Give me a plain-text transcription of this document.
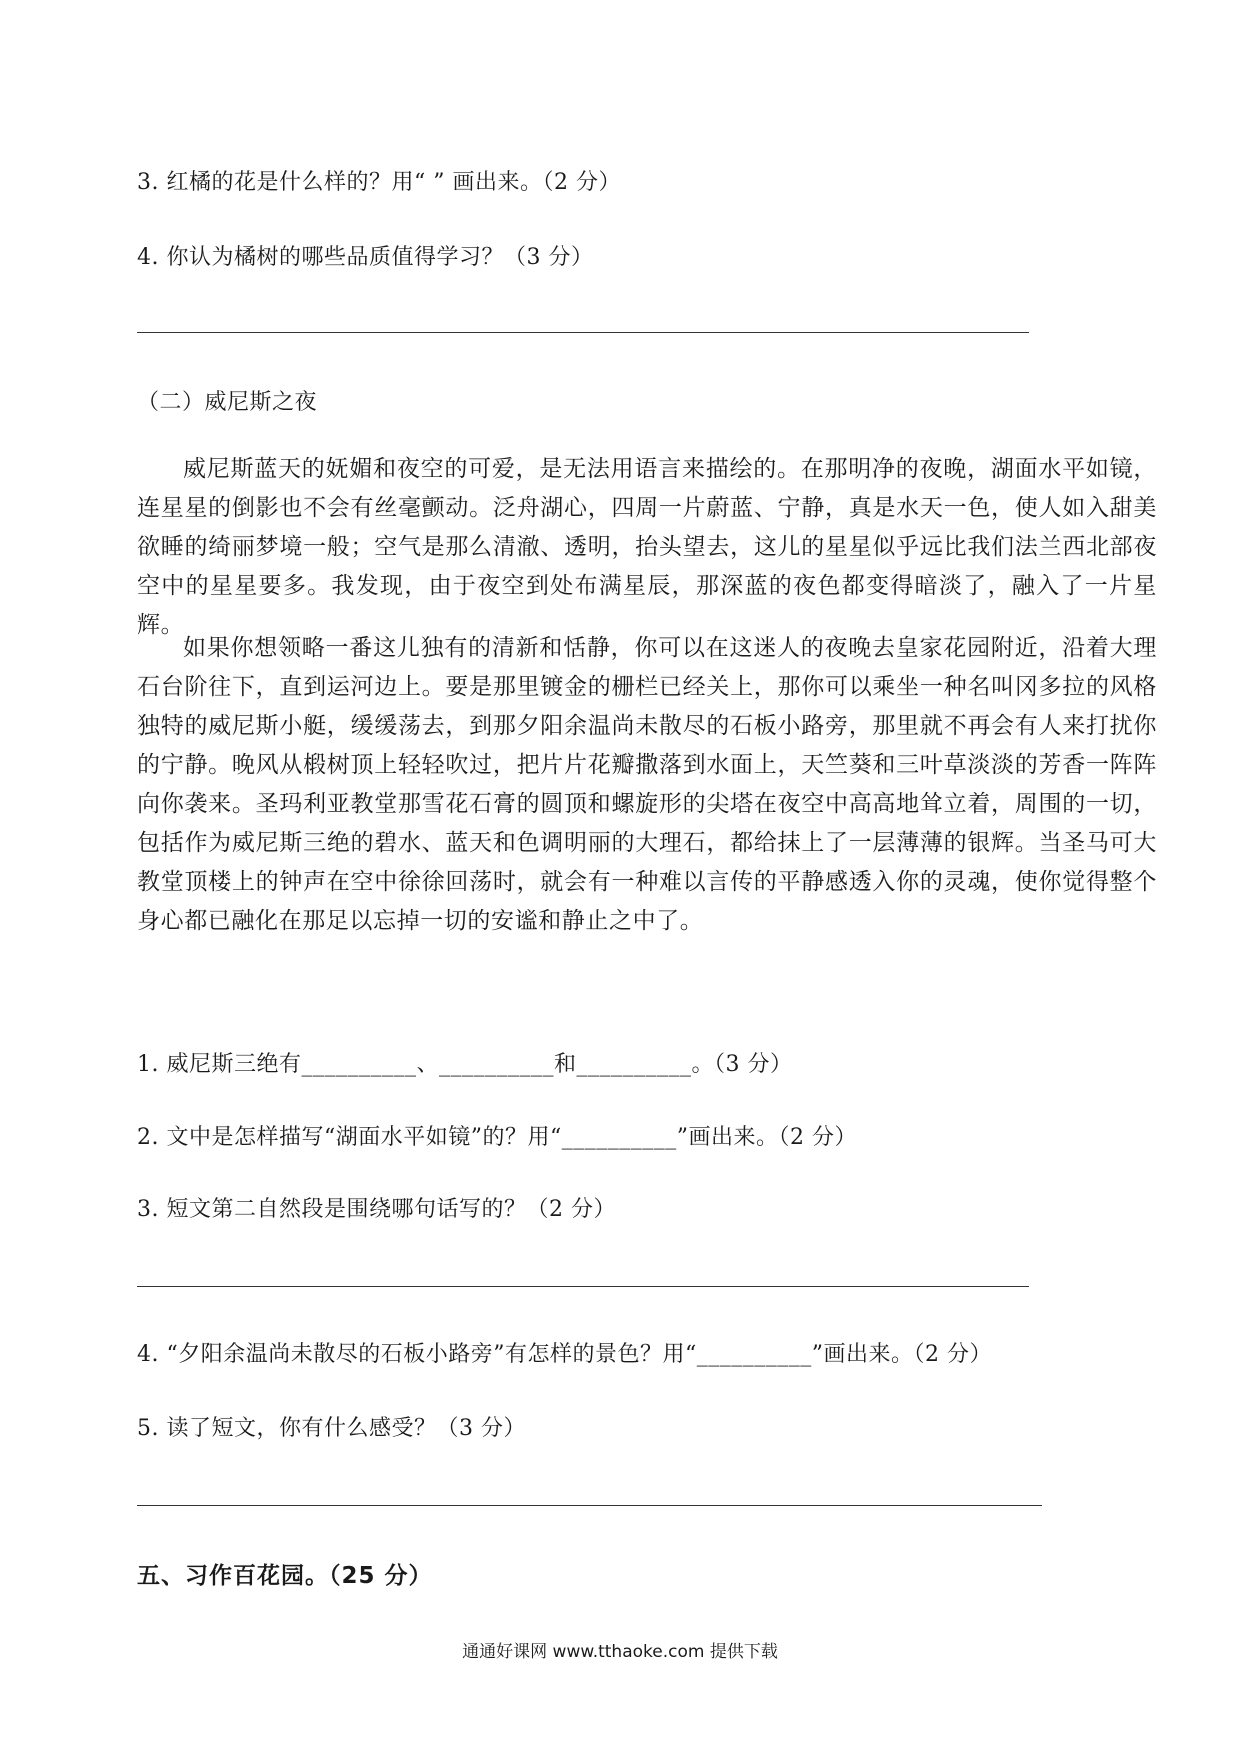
3. 红橘的花是什么样的？用“ ” 画出来。（2 分）
4. 你认为橘树的哪些品质值得学习？（3 分）
（二）威尼斯之夜
威尼斯蓝天的妩媚和夜空的可爱，是无法用语言来描绘的。在那明净的夜晚，湖面水平如镜，连星星的倒影也不会有丝毫颤动。泛舟湖心，四周一片蔚蓝、宁静，真是水天一色，使人如入甜美欲睡的绮丽梦境一般；空气是那么清澈、透明，抬头望去，这儿的星星似乎远比我们法兰西北部夜空中的星星要多。我发现，由于夜空到处布满星辰，那深蓝的夜色都变得暗淡了，融入了一片星辉。
如果你想领略一番这儿独有的清新和恬静，你可以在这迷人的夜晚去皇家花园附近，沿着大理石台阶往下，直到运河边上。要是那里镀金的栅栏已经关上，那你可以乘坐一种名叫冈多拉的风格独特的威尼斯小艇，缓缓荡去，到那夕阳余温尚未散尽的石板小路旁，那里就不再会有人来打扰你的宁静。晚风从椴树顶上轻轻吹过，把片片花瓣撒落到水面上，天竺葵和三叶草淡淡的芳香一阵阵向你袭来。圣玛利亚教堂那雪花石膏的圆顶和螺旋形的尖塔在夜空中高高地耸立着，周围的一切，包括作为威尼斯三绝的碧水、蓝天和色调明丽的大理石，都给抹上了一层薄薄的银辉。当圣马可大教堂顶楼上的钟声在空中徐徐回荡时，就会有一种难以言传的平静感透入你的灵魂，使你觉得整个身心都已融化在那足以忘掉一切的安谧和静止之中了。
1. 威尼斯三绝有__________、__________和__________。（3 分）
2. 文中是怎样描写“湖面水平如镜”的？用“__________”画出来。（2 分）
3. 短文第二自然段是围绕哪句话写的？（2 分）
4. “夕阳余温尚未散尽的石板小路旁”有怎样的景色？用“__________”画出来。（2 分）
5. 读了短文，你有什么感受？（3 分）
五、习作百花园。（25 分）
通通好课网 www.tthaoke.com 提供下载
